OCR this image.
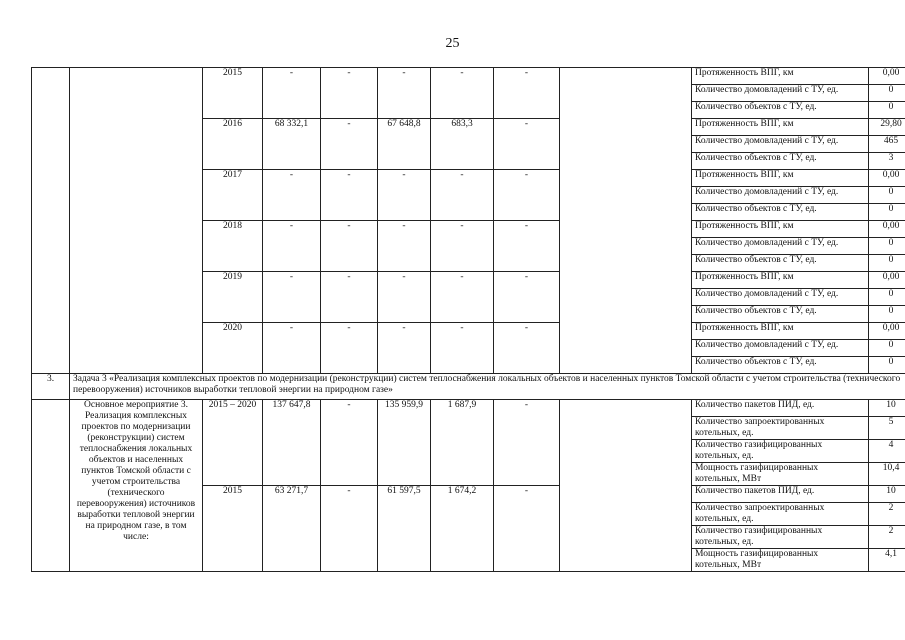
25
		2015	-	-	-	-	-		Протяженность ВПГ, км	0,00
									Количество домовладений с ТУ, ед.	0
									Количество объектов с ТУ, ед.	0
		2016	68 332,1	-	67 648,8	683,3	-		Протяженность ВПГ, км	29,80
									Количество домовладений с ТУ, ед.	465
									Количество объектов с ТУ, ед.	3
		2017	-	-	-	-	-		Протяженность ВПГ, км	0,00
									Количество домовладений с ТУ, ед.	0
									Количество объектов с ТУ, ед.	0
		2018	-	-	-	-	-		Протяженность ВПГ, км	0,00
									Количество домовладений с ТУ, ед.	0
									Количество объектов с ТУ, ед.	0
		2019	-	-	-	-	-		Протяженность ВПГ, км	0,00
									Количество домовладений с ТУ, ед.	0
									Количество объектов с ТУ, ед.	0
		2020	-	-	-	-	-		Протяженность ВПГ, км	0,00
									Количество домовладений с ТУ, ед.	0
									Количество объектов с ТУ, ед.	0
3.	Задача 3 «Реализация комплексных проектов по модернизации (реконструкции) систем теплоснабжения локальных объектов и населенных пунктов Томской области с учетом строительства (технического перевооружения) источников выработки тепловой энергии на природном газе»									
	Основное мероприятие 3. Реализация комплексных проектов по модернизации (реконструкции) систем теплоснабжения локальных объектов и населенных пунктов Томской области с учетом строительства (технического перевооружения) источников выработки тепловой энергии на природном газе, в том числе:	2015 – 2020	137 647,8	-	135 959,9	1 687,9	-		Количество пакетов ПИД, ед.	10
									Количество запроектированных котельных, ед.	5
									Количество газифицированных котельных, ед.	4
									Мощность газифицированных котельных, МВт	10,4
		2015	63 271,7	-	61 597,5	1 674,2	-		Количество пакетов ПИД, ед.	10
									Количество запроектированных котельных, ед.	2
									Количество газифицированных котельных, ед.	2
									Мощность газифицированных котельных, МВт	4,1
